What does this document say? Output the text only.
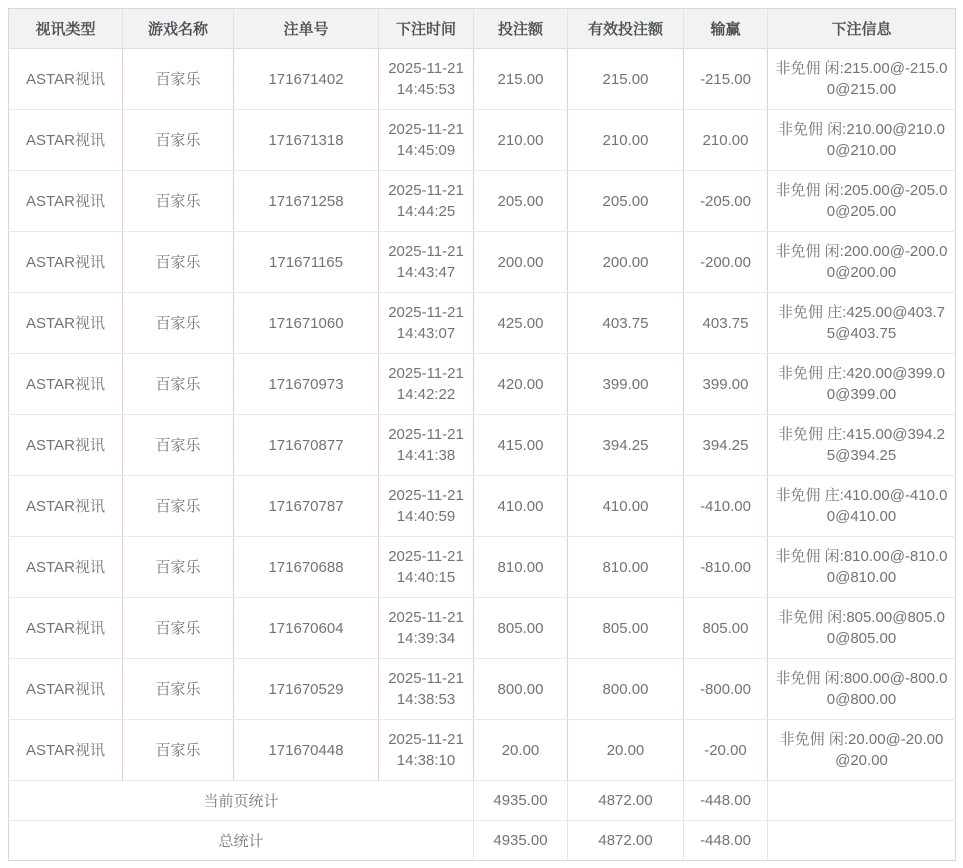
视讯类型	游戏名称	注单号	下注时间	投注额	有效投注额	输赢	下注信息
ASTAR视讯	百家乐	171671402	2025-11-21 14:45:53	215.00	215.00	-215.00	非免佣 闲:215.00@-215.00@215.00
ASTAR视讯	百家乐	171671318	2025-11-21 14:45:09	210.00	210.00	210.00	非免佣 闲:210.00@210.00@210.00
ASTAR视讯	百家乐	171671258	2025-11-21 14:44:25	205.00	205.00	-205.00	非免佣 闲:205.00@-205.00@205.00
ASTAR视讯	百家乐	171671165	2025-11-21 14:43:47	200.00	200.00	-200.00	非免佣 闲:200.00@-200.00@200.00
ASTAR视讯	百家乐	171671060	2025-11-21 14:43:07	425.00	403.75	403.75	非免佣 庄:425.00@403.75@403.75
ASTAR视讯	百家乐	171670973	2025-11-21 14:42:22	420.00	399.00	399.00	非免佣 庄:420.00@399.00@399.00
ASTAR视讯	百家乐	171670877	2025-11-21 14:41:38	415.00	394.25	394.25	非免佣 庄:415.00@394.25@394.25
ASTAR视讯	百家乐	171670787	2025-11-21 14:40:59	410.00	410.00	-410.00	非免佣 庄:410.00@-410.00@410.00
ASTAR视讯	百家乐	171670688	2025-11-21 14:40:15	810.00	810.00	-810.00	非免佣 闲:810.00@-810.00@810.00
ASTAR视讯	百家乐	171670604	2025-11-21 14:39:34	805.00	805.00	805.00	非免佣 闲:805.00@805.00@805.00
ASTAR视讯	百家乐	171670529	2025-11-21 14:38:53	800.00	800.00	-800.00	非免佣 闲:800.00@-800.00@800.00
ASTAR视讯	百家乐	171670448	2025-11-21 14:38:10	20.00	20.00	-20.00	非免佣 闲:20.00@-20.00@20.00
当前页统计				4935.00	4872.00	-448.00	
总统计				4935.00	4872.00	-448.00	
